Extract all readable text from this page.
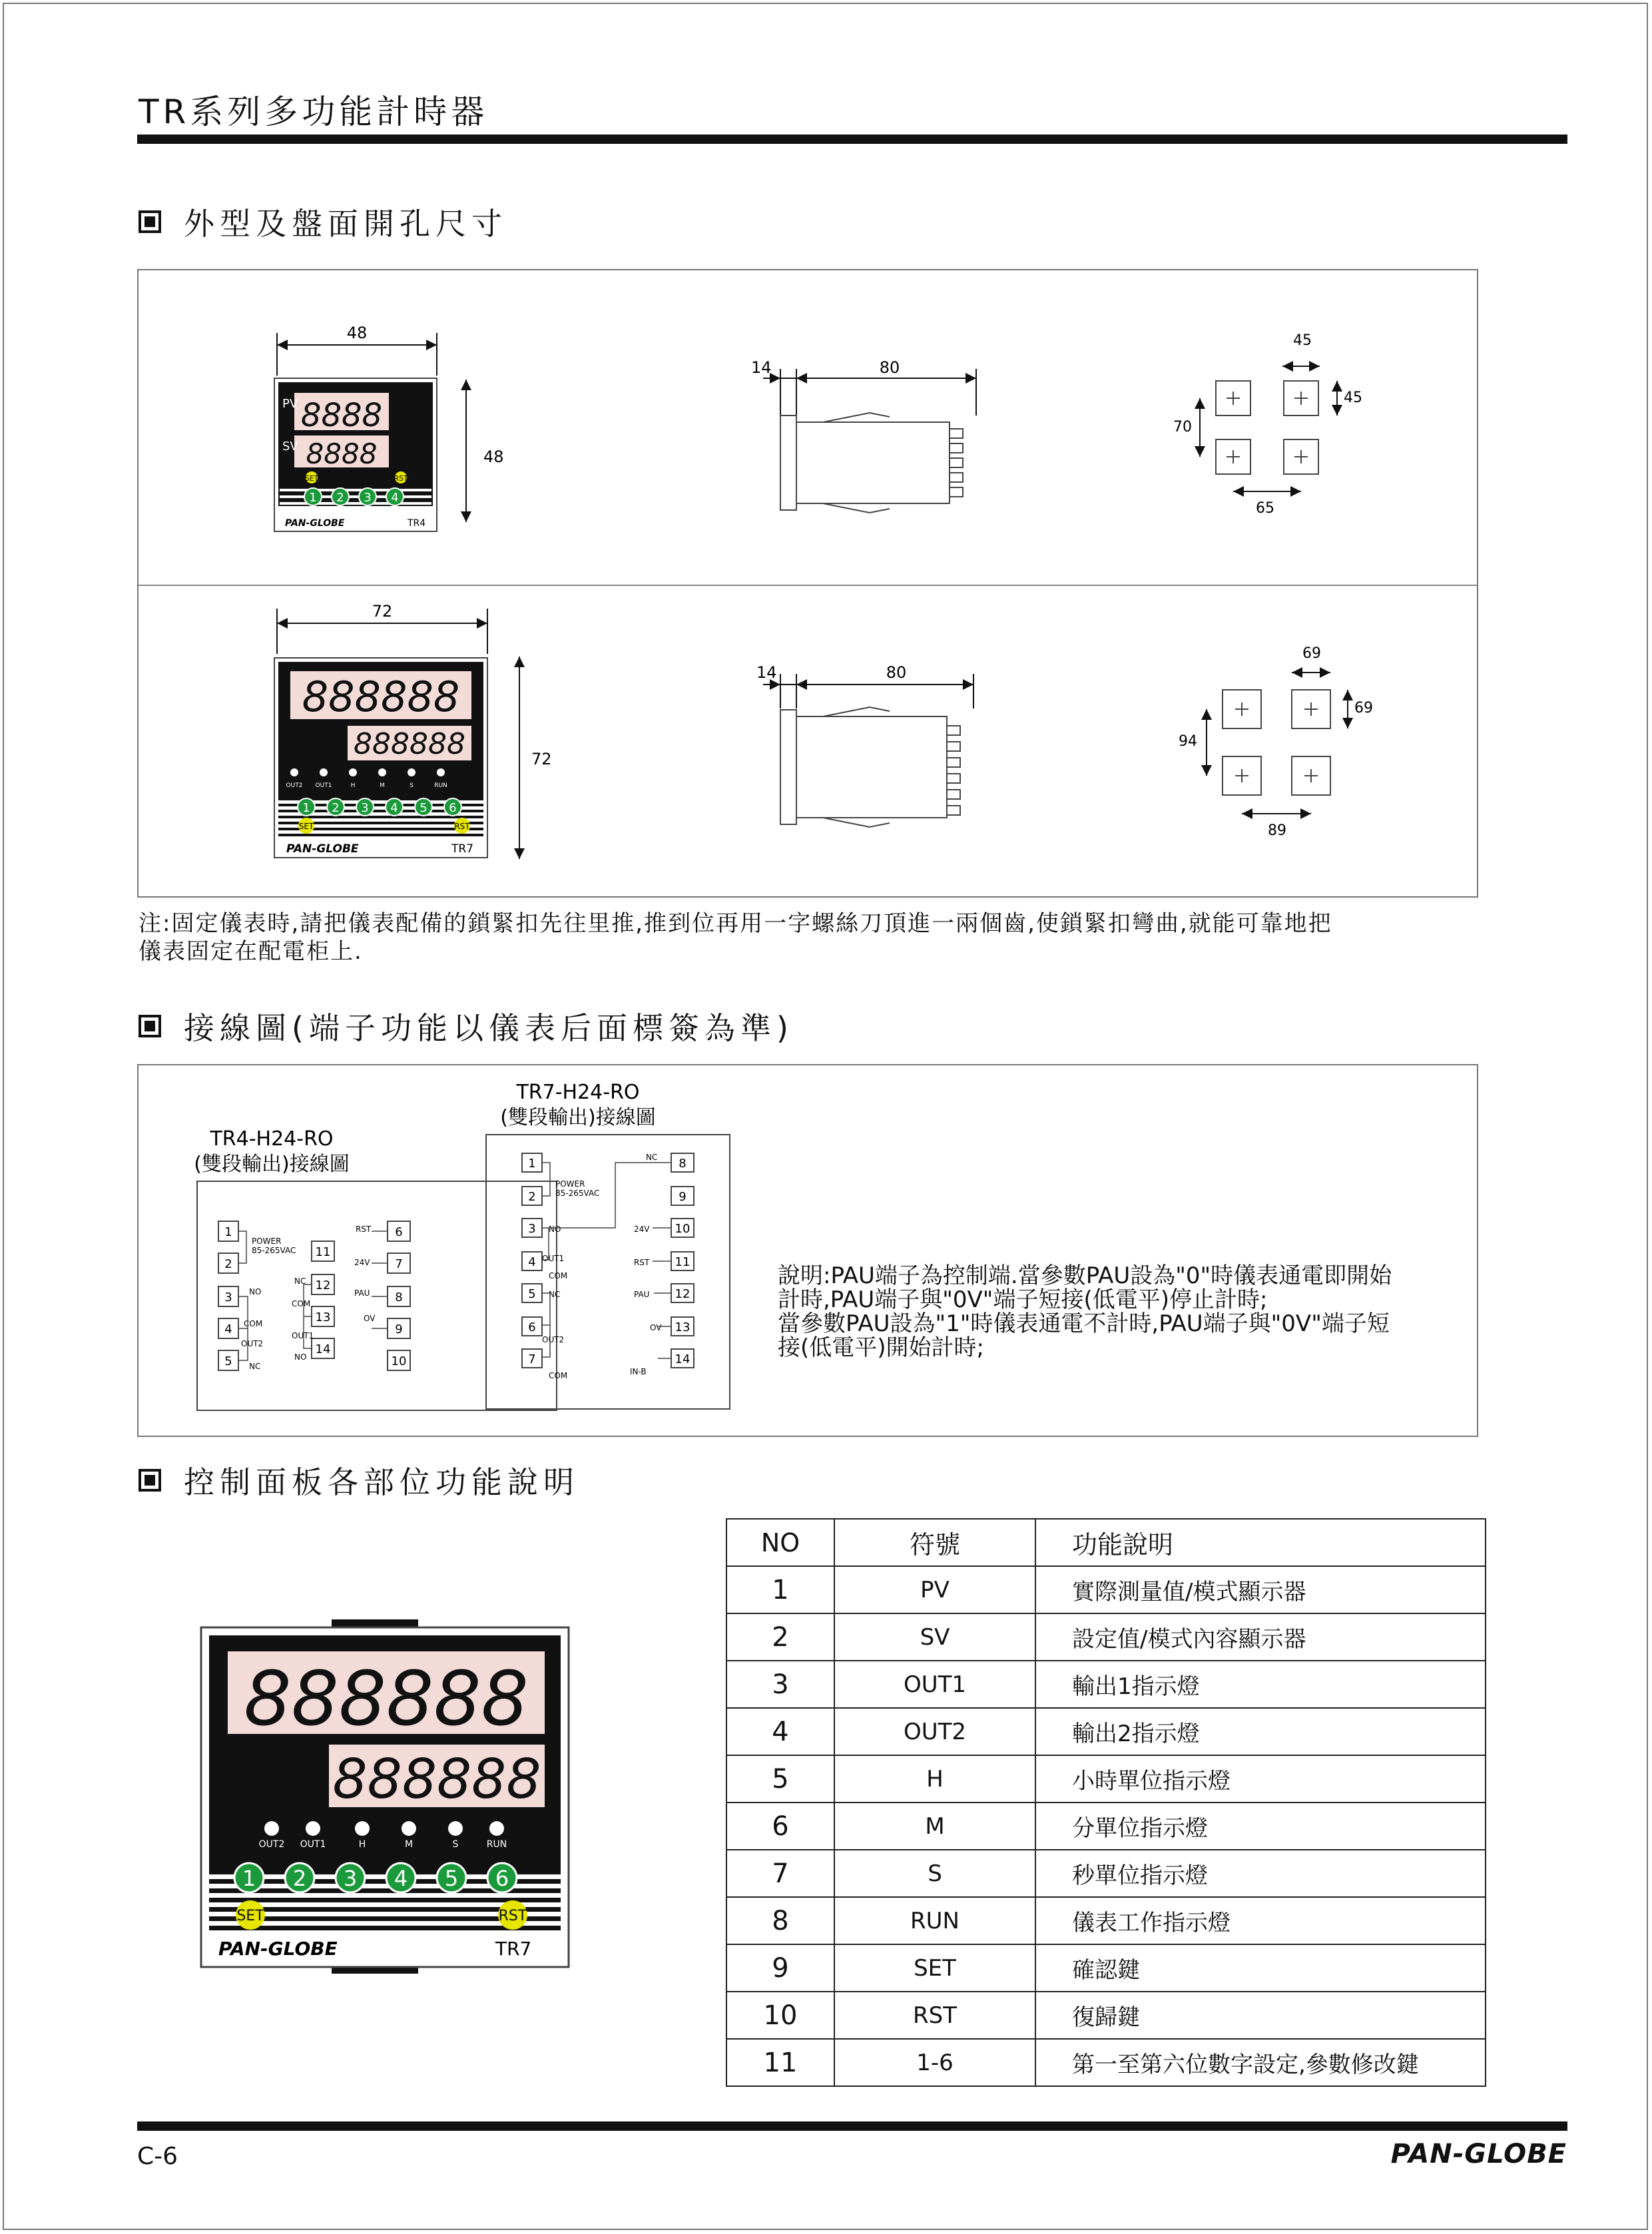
TR系列多功能計時器
外型及盤面開孔尺寸
48
48
PV
SV
8888
8888
SET	RST
1 2 3 4
PAN-GLOBE	TR4
14	80
45
45
70
65
72
72
888888
888888
OUT2 OUT1	H	M	S	RUN
1 2 3 4 5 6
SET	RST
PAN-GLOBE	TR7
14	80
69
69
94
89
注:固定儀表時,請把儀表配備的鎖緊扣先往里推,推到位再用一字螺絲刀頂進一兩個齒,使鎖緊扣彎曲,就能可靠地把
儀表固定在配電柜上.
接線圖(端子功能以儀表后面標簽為準)
TR4-H24-RO
(雙段輸出)接線圖
1
2
3
4
5
11
12
13
14
6
7
8
9
10
POWER
85-265VAC
NO
COM
OUT2
NC
NC
COM
OUT1
NO
RST
24V
PAU
OV
TR7-H24-RO
(雙段輸出)接線圖
1
2
3
4
5
6
7
8
9
10
11
12
13
14
POWER
85-265VAC
NO
OUT1
COM
NC
OUT2
COM
NC
24V
RST
PAU
OV
IN-B
說明:PAU端子為控制端.當參數PAU設為"0"時儀表通電即開始
計時,PAU端子與"0V"端子短接(低電平)停止計時;
當參數PAU設為"1"時儀表通電不計時,PAU端子與"0V"端子短
接(低電平)開始計時;
控制面板各部位功能說明
888888
888888
OUT2 OUT1	H	M	S	RUN
1 2 3 4 5 6
SET	RST
PAN-GLOBE	TR7
NO	符號	功能說明
1	PV	實際測量值/模式顯示器
2	SV	設定值/模式內容顯示器
3	OUT1	輸出1指示燈
4	OUT2	輸出2指示燈
5	H	小時單位指示燈
6	M	分單位指示燈
7	S	秒單位指示燈
8	RUN	儀表工作指示燈
9	SET	確認鍵
10	RST	復歸鍵
11	1-6	第一至第六位數字設定,參數修改鍵
C-6	PAN-GLOBE
